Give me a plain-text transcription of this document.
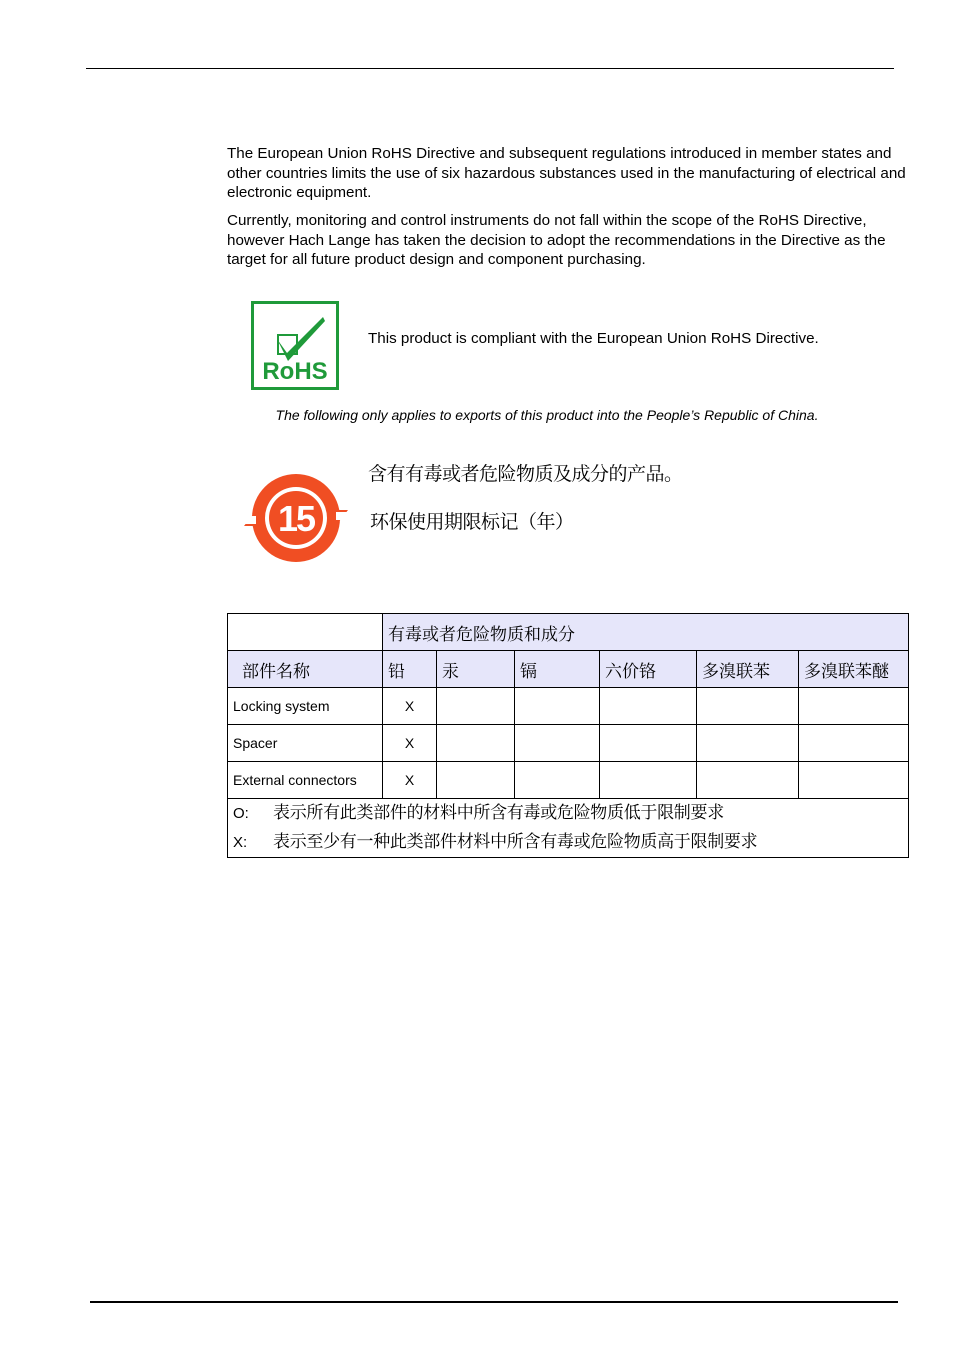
The European Union RoHS Directive and subsequent regulations introduced in member states and other countries limits the use of six hazardous substances used in the manufacturing of electrical and electronic equipment.

Currently, monitoring and control instruments do not fall within the scope of the RoHS Directive, however Hach Lange has taken the decision to adopt the recommendations in the Directive as the target for all future product design and component purchasing.

RoHS
This product is compliant with the European Union RoHS Directive.
The following only applies to exports of this product into the People’s Republic of China.
15
含有有毒或者危险物质及成分的产品。
环保使用期限标记（年）
	有毒或者危险物质和成分					
部件名称	铅	汞	镉	六价铬	多溴联苯	多溴联苯醚
Locking system	X					
Spacer	X					
External connectors	X					

O: 表示所有此类部件的材料中所含有毒或危险物质低于限制要求
X: 表示至少有一种此类部件材料中所含有毒或危险物质高于限制要求						
